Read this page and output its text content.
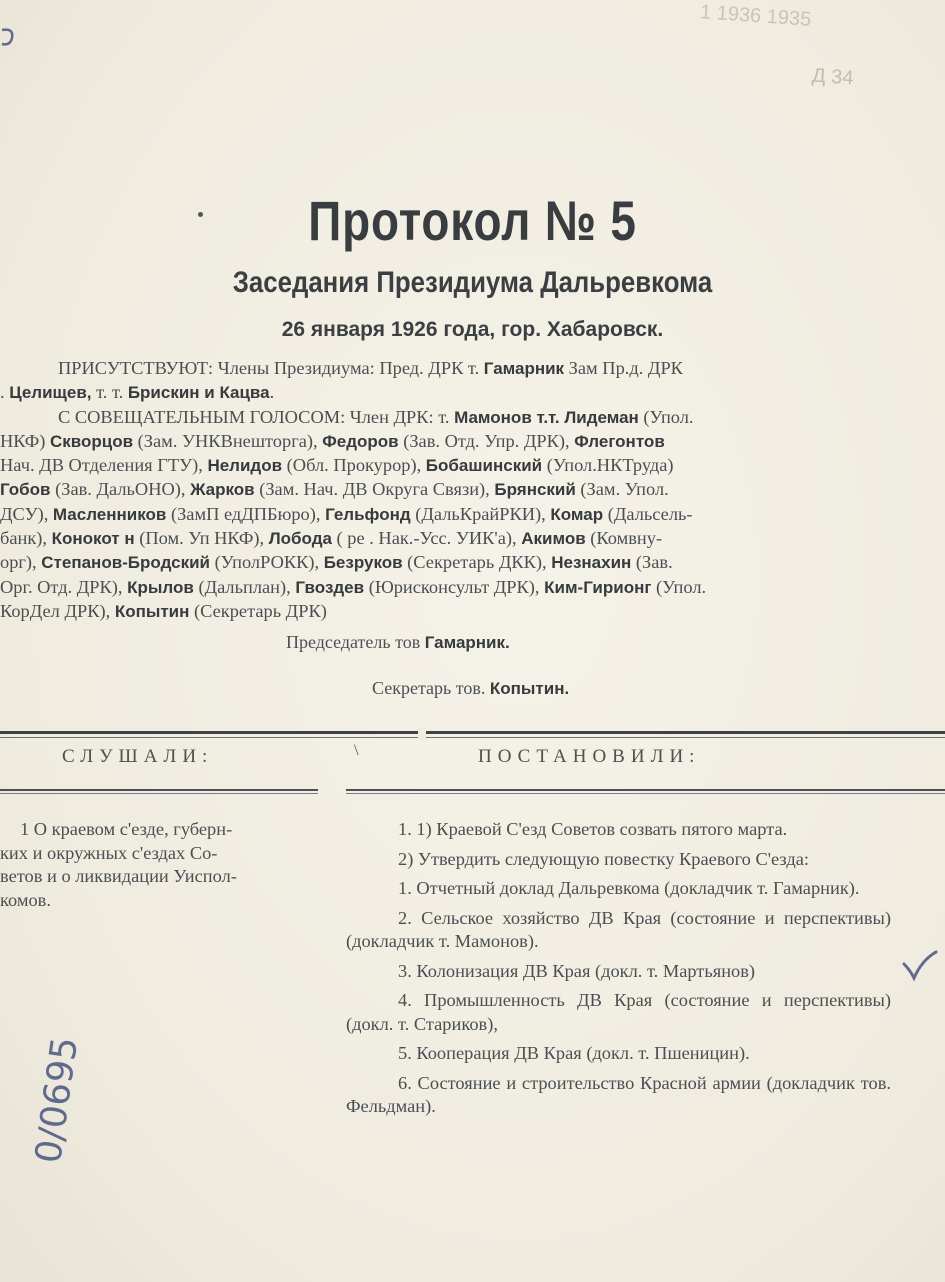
1 1936 1935
Д 34
Протокол № 5
Заседания Президиума Дальревкома
26 января 1926 года, гор. Хабаровск.
ПРИСУТСТВУЮТ: Члены Президиума: Пред. ДРК т. Гамарник Зам Пр.д. ДРК
. Целищев, т. т. Брискин и Кацва.
С СОВЕЩАТЕЛЬНЫМ ГОЛОСОМ: Член ДРК: т. Мамонов т.т. Лидеман (Упол.
НКФ) Скворцов (Зам. УНКВнешторга), Федоров (Зав. Отд. Упр. ДРК), Флегонтов
Нач. ДВ Отделения ГТУ), Нелидов (Обл. Прокурор), Бобашинский (Упол.НКТруда)
Гобов (Зав. ДальОНО), Жарков (Зам. Нач. ДВ Округа Связи), Брянский (Зам. Упол.
ДСУ), Масленников (ЗамП едДПБюро), Гельфонд (ДальКрайРКИ), Комар (Дальсель-
банк), Конокот н (Пом. Уп НКФ), Лобода ( ре . Нак.-Усс. УИК'а), Акимов (Комвну-
орг), Степанов-Бродский (УполРОКК), Безруков (Секретарь ДКК), Незнахин (Зав.
Орг. Отд. ДРК), Крылов (Дальплан), Гвоздев (Юрисконсульт ДРК), Ким-Гирионг (Упол.
КорДел ДРК), Копытин (Секретарь ДРК)
Председатель тов Гамарник.
Секретарь тов. Копытин.
СЛУШАЛИ:	\	ПОСТАНОВИЛИ:
1 О краевом с'езде, губерн-
ких и окружных с'ездах Со-
ветов и о ликвидации Уиспол-
комов.

1. 1) Краевой С'езд Советов созвать пятого марта.

2) Утвердить следующую повестку Краевого С'езда:

1. Отчетный доклад Дальревкома (докладчик т. Гамарник).

2. Сельское хозяйство ДВ Края (состояние и перспективы) (докладчик т. Мамонов).

3. Колонизация ДВ Края (докл. т. Мартьянов)

4. Промышленность ДВ Края (состояние и перспективы) (докл. т. Стариков),

5. Кооперация ДВ Края (докл. т. Пшеницин).

6. Состояние и строительство Красной армии (докладчик тов. Фельдман).

0/0695
